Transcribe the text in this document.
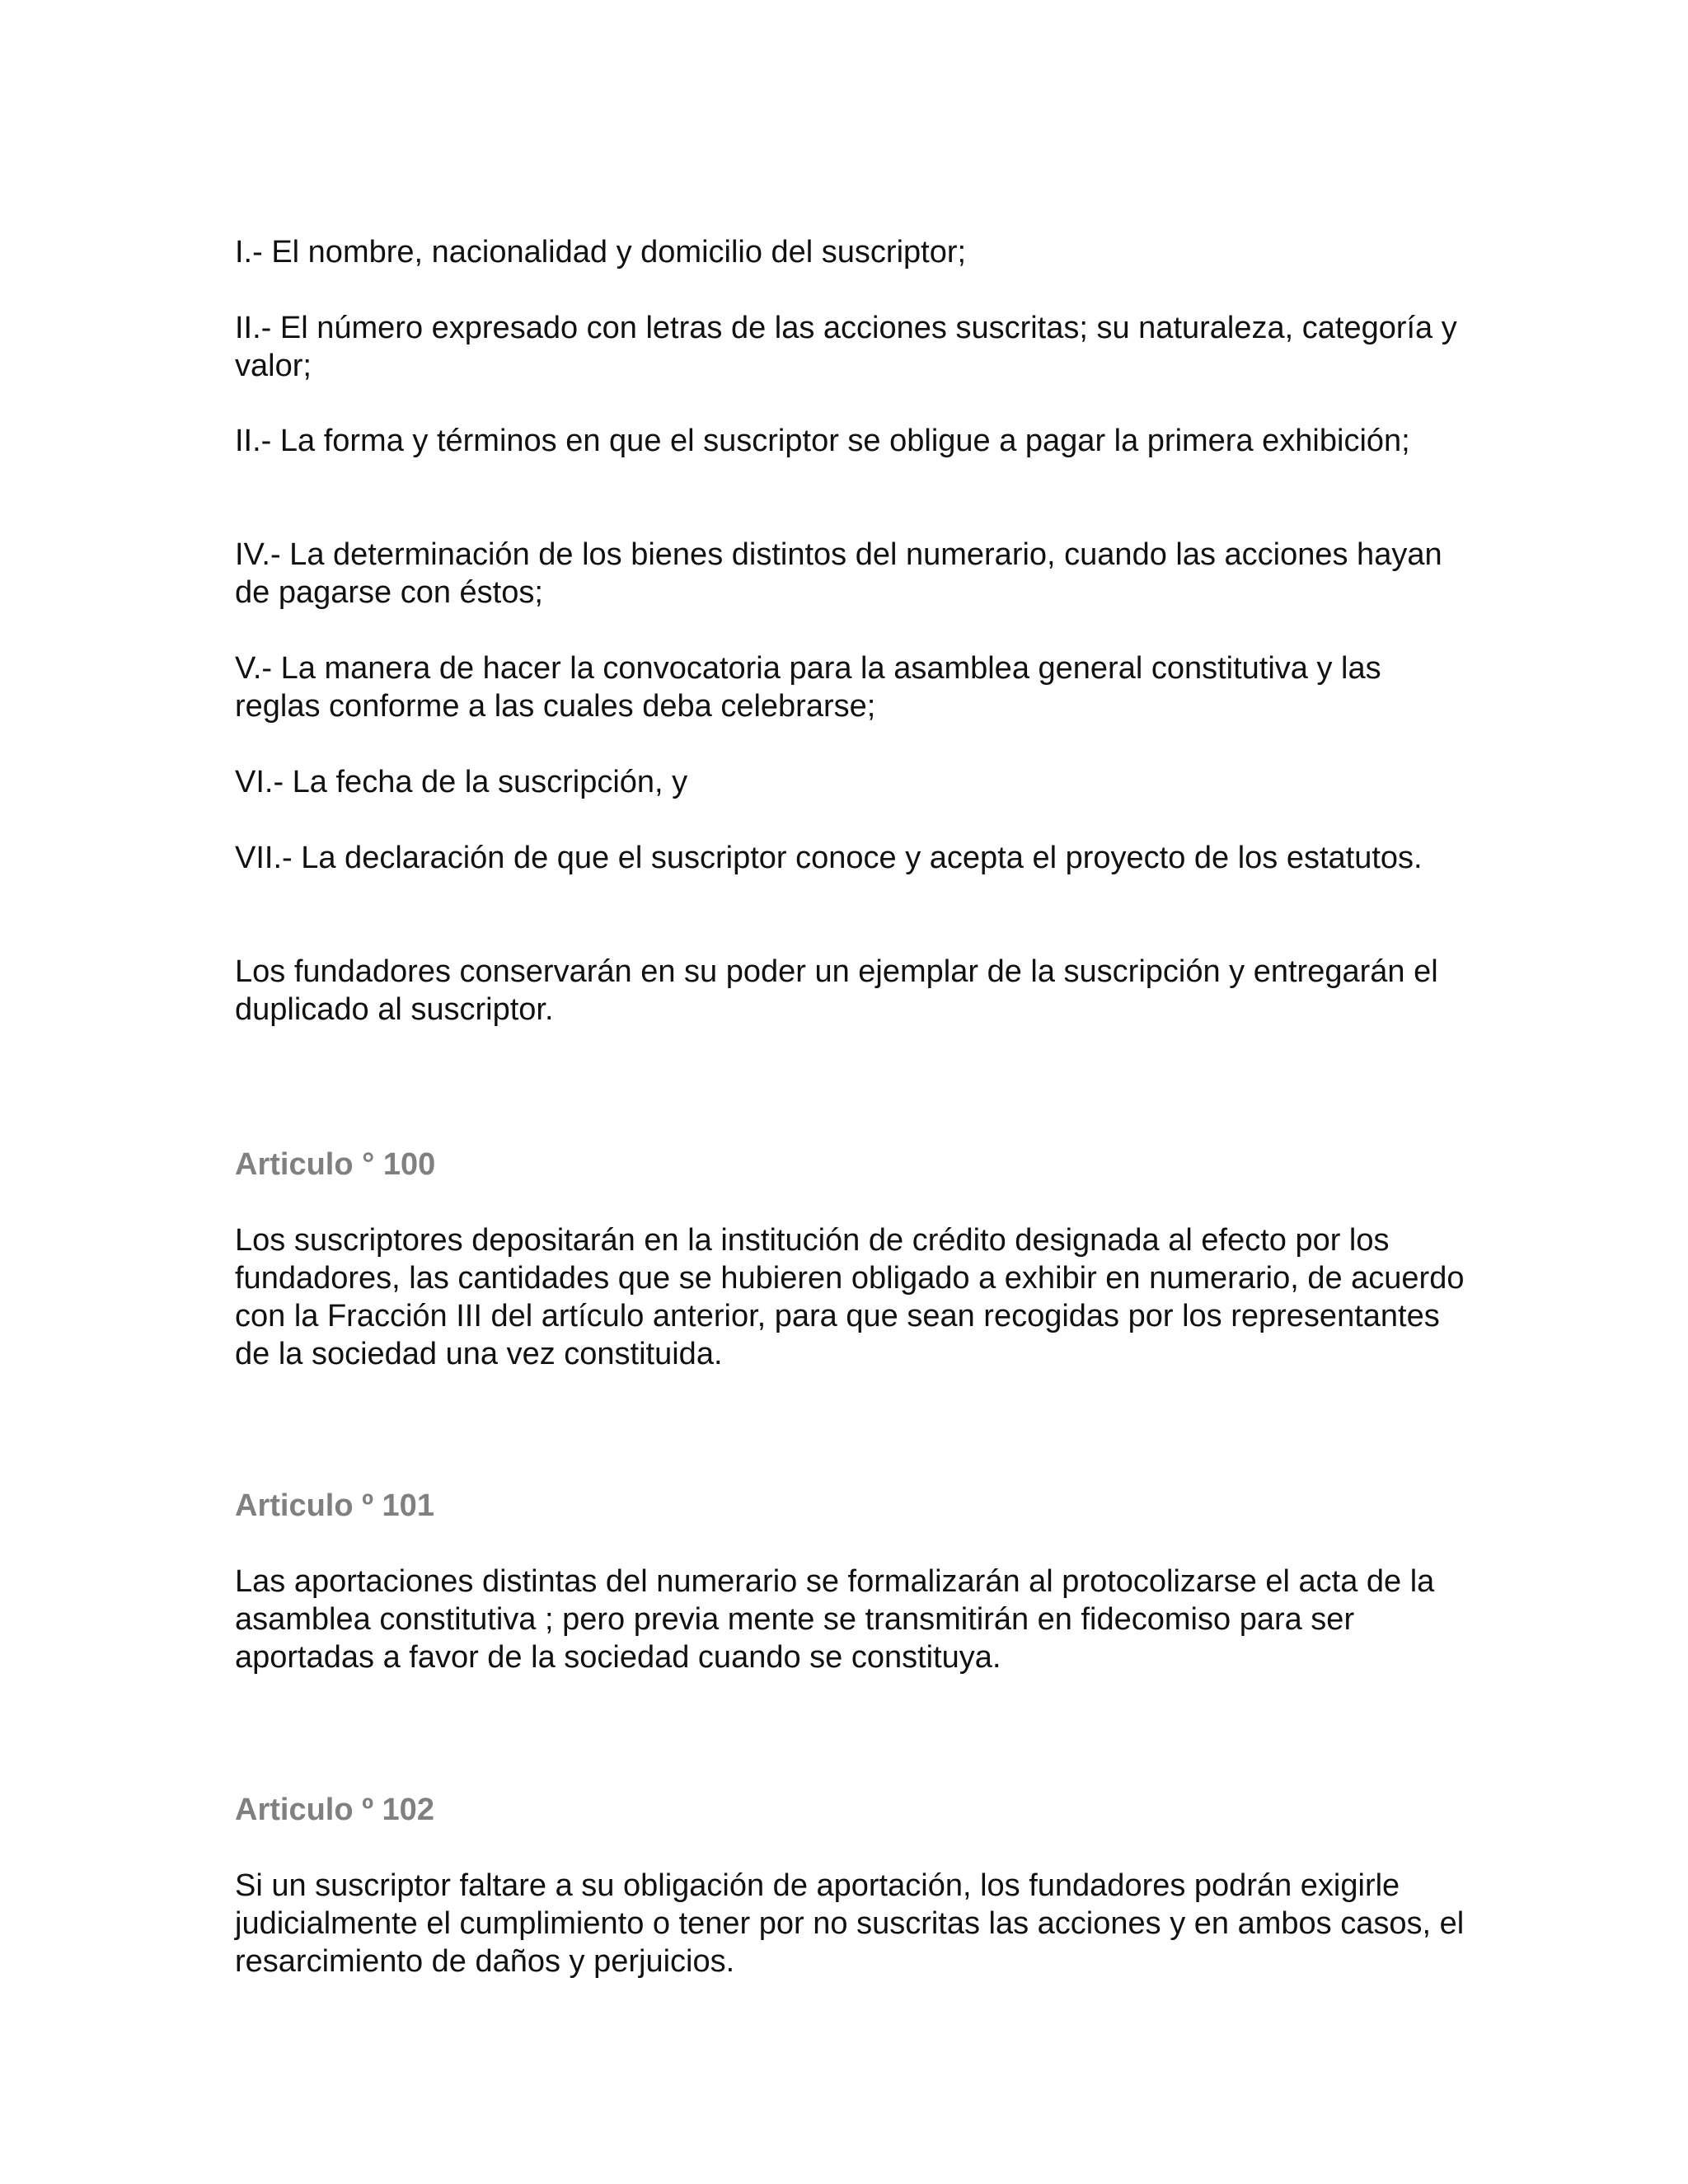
I.- El nombre, nacionalidad y domicilio del suscriptor;

II.- El número expresado con letras de las acciones suscritas; su naturaleza, categoría y valor;

II.- La forma y términos en que el suscriptor se obligue a pagar la primera exhibición;

IV.- La determinación de los bienes distintos del numerario, cuando las acciones hayan de pagarse con éstos;

V.- La manera de hacer la convocatoria para la asamblea general constitutiva y las reglas conforme a las cuales deba celebrarse;

VI.- La fecha de la suscripción, y

VII.- La declaración de que el suscriptor conoce y acepta el proyecto de los estatutos.

Los fundadores conservarán en su poder un ejemplar de la suscripción y entregarán el duplicado al suscriptor.

Articulo ° 100

Los suscriptores depositarán en la institución de crédito designada al efecto por los fundadores, las cantidades que se hubieren obligado a exhibir en numerario, de acuerdo con la Fracción III del artículo anterior, para que sean recogidas por los representantes de la sociedad una vez constituida.

Articulo º 101

Las aportaciones distintas del numerario se formalizarán al protocolizarse el acta de la asamblea constitutiva ; pero previa mente se transmitirán en fidecomiso para ser aportadas a favor de la sociedad cuando se constituya.

Articulo º 102

Si un suscriptor faltare a su obligación de aportación, los fundadores podrán exigirle judicialmente el cumplimiento o tener por no suscritas las acciones y en ambos casos, el resarcimiento de daños y perjuicios.
